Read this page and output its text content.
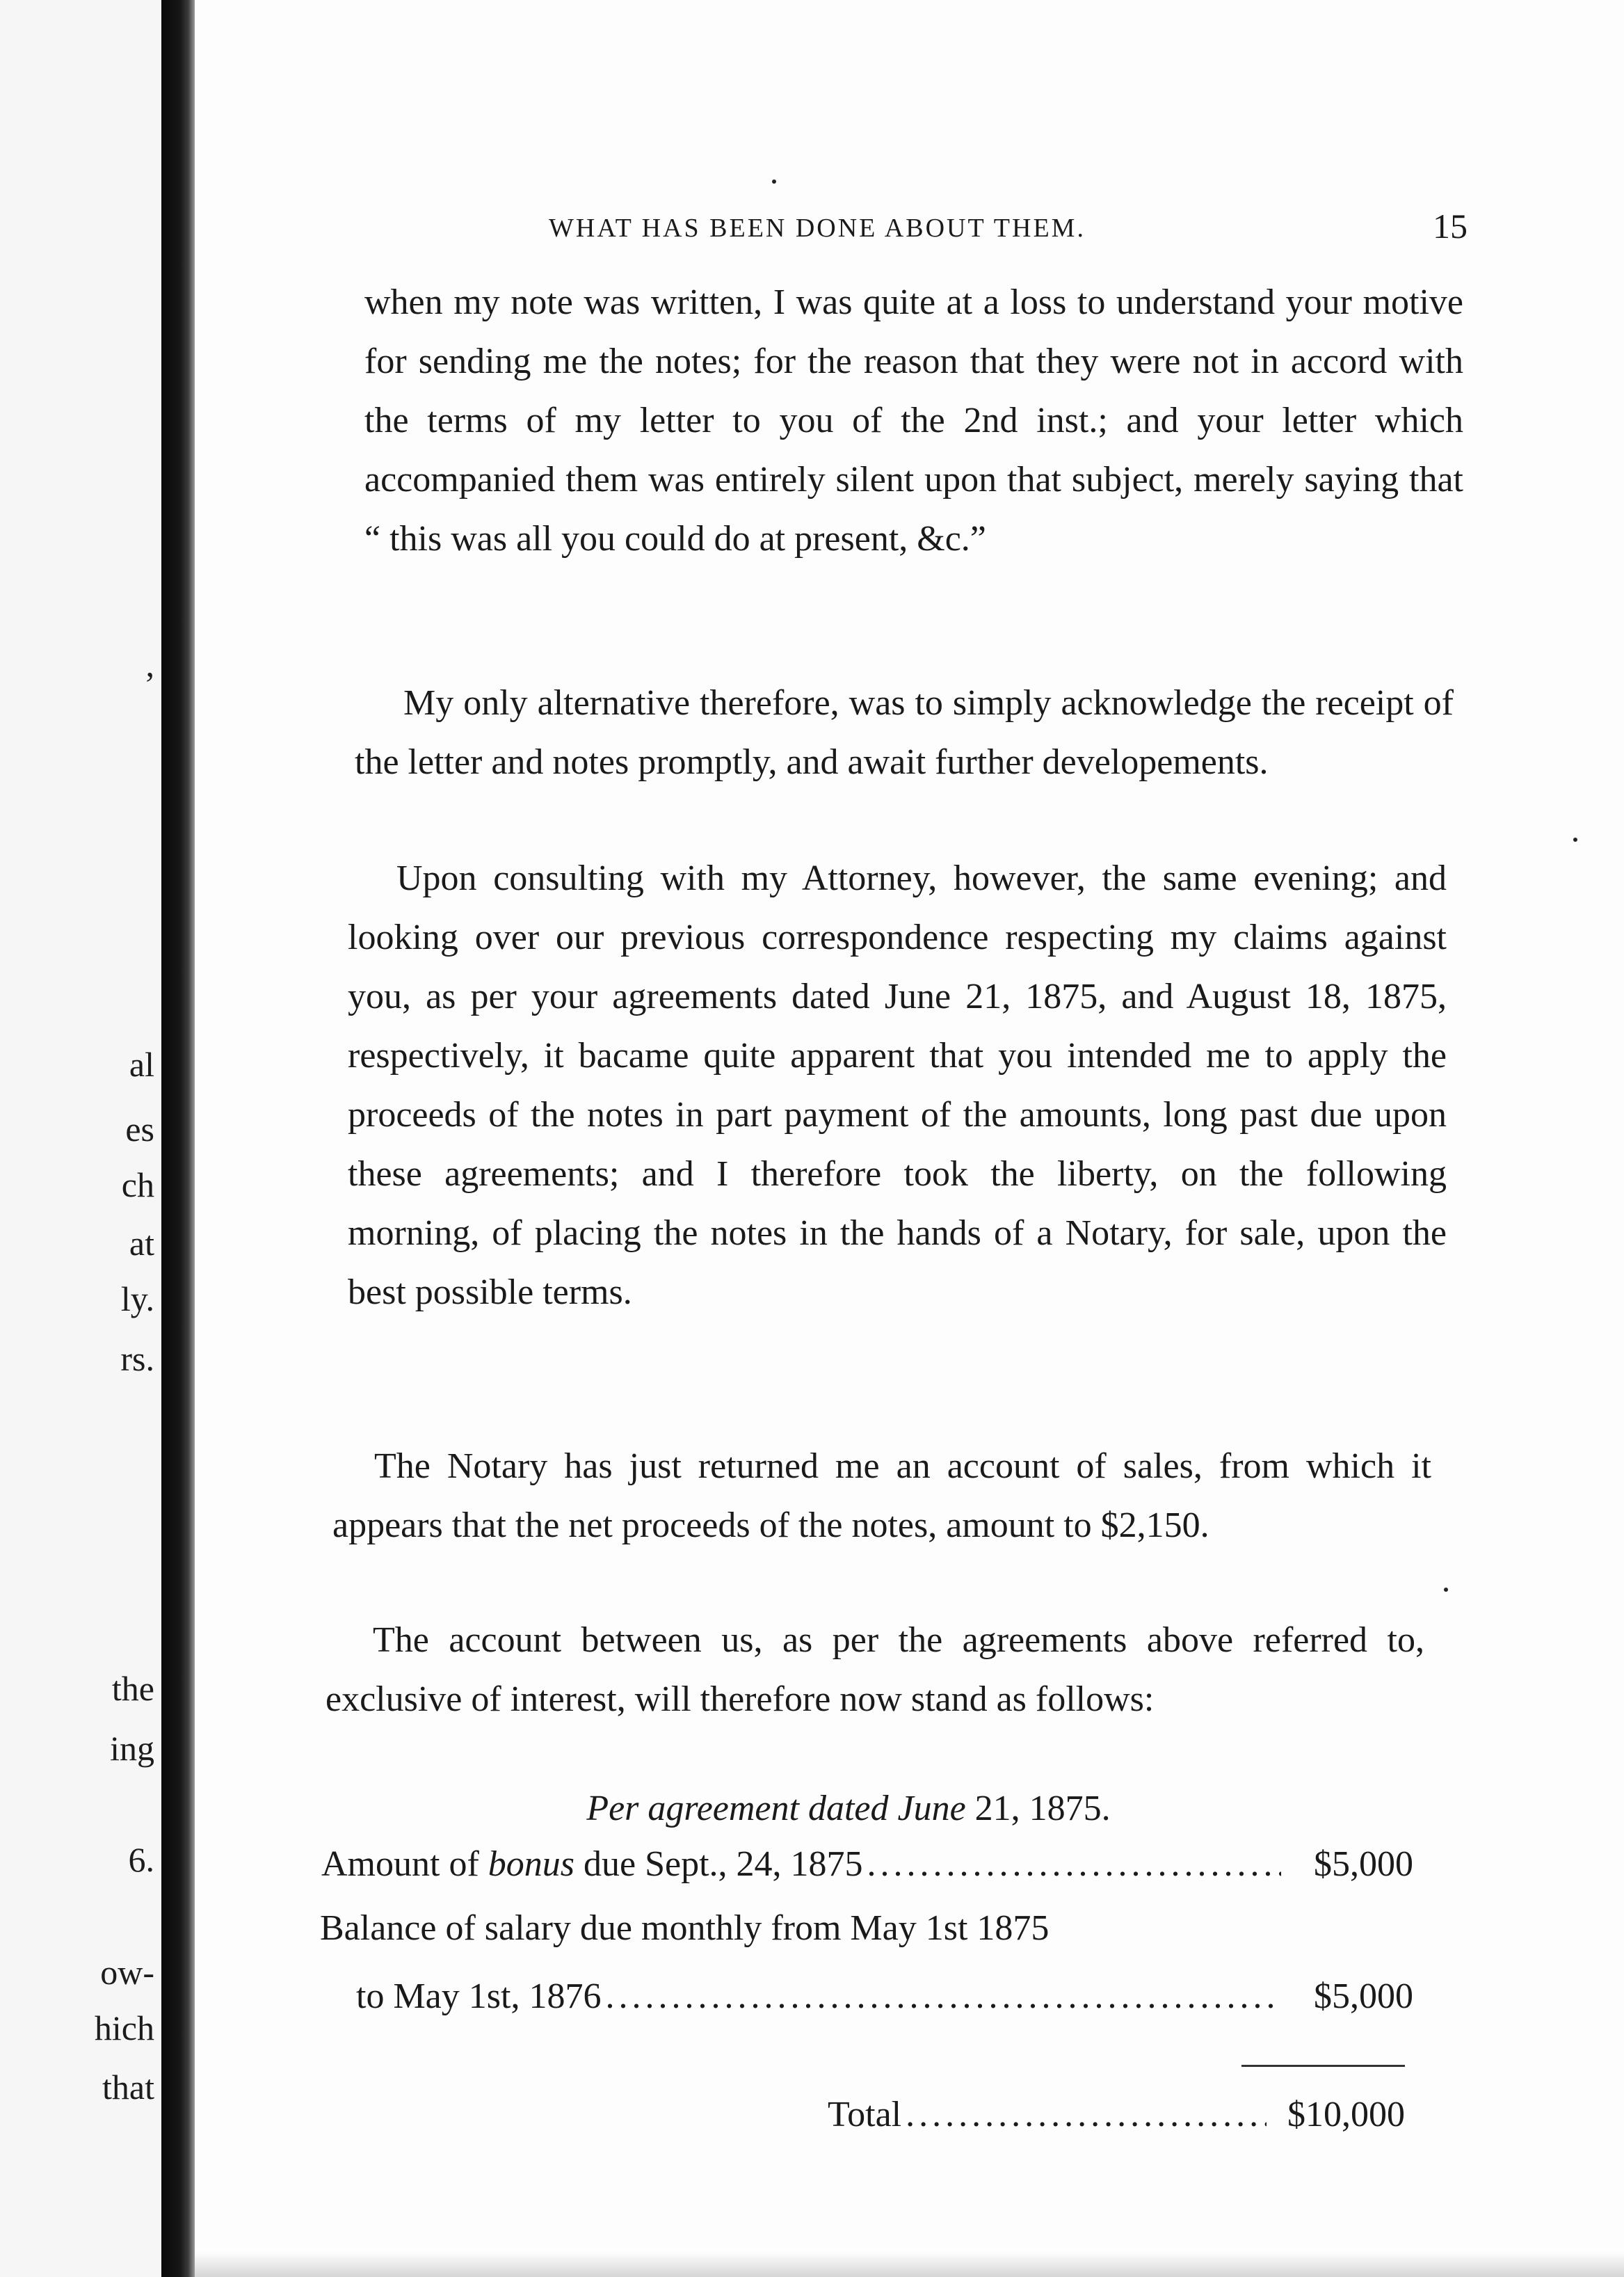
,
al
es
ch
at
ly.
rs.
the
ing
6.
ow-
hich
that
WHAT HAS BEEN DONE ABOUT THEM.	15

when my note was written, I was quite at a loss to understand your motive for sending me the notes; for the reason that they were not in accord with the terms of my letter to you of the 2nd inst.; and your letter which accompanied them was entirely silent upon that subject, merely saying that “ this was all you could do at present, &c.”

My only alternative therefore, was to simply acknowledge the receipt of the letter and notes promptly, and await further developements.

Upon consulting with my Attorney, however, the same evening; and looking over our previous correspondence respecting my claims against you, as per your agreements dated June 21, 1875, and August 18, 1875, respectively, it bacame quite apparent that you intended me to apply the proceeds of the notes in part payment of the amounts, long past due upon these agreements; and I therefore took the liberty, on the following morning, of placing the notes in the hands of a Notary, for sale, upon the best possible terms.

The Notary has just returned me an account of sales, from which it appears that the net proceeds of the notes, amount to $2,150.

The account between us, as per the agreements above referred to, exclusive of interest, will therefore now stand as follows:

Per agreement dated June 21, 1875.
Amount of bonus due Sept., 24, 1875 .....	$5,000
Balance of salary due monthly from May 1st 1875
to May 1st, 1876 .....	$5,000
Total .....	$10,000
